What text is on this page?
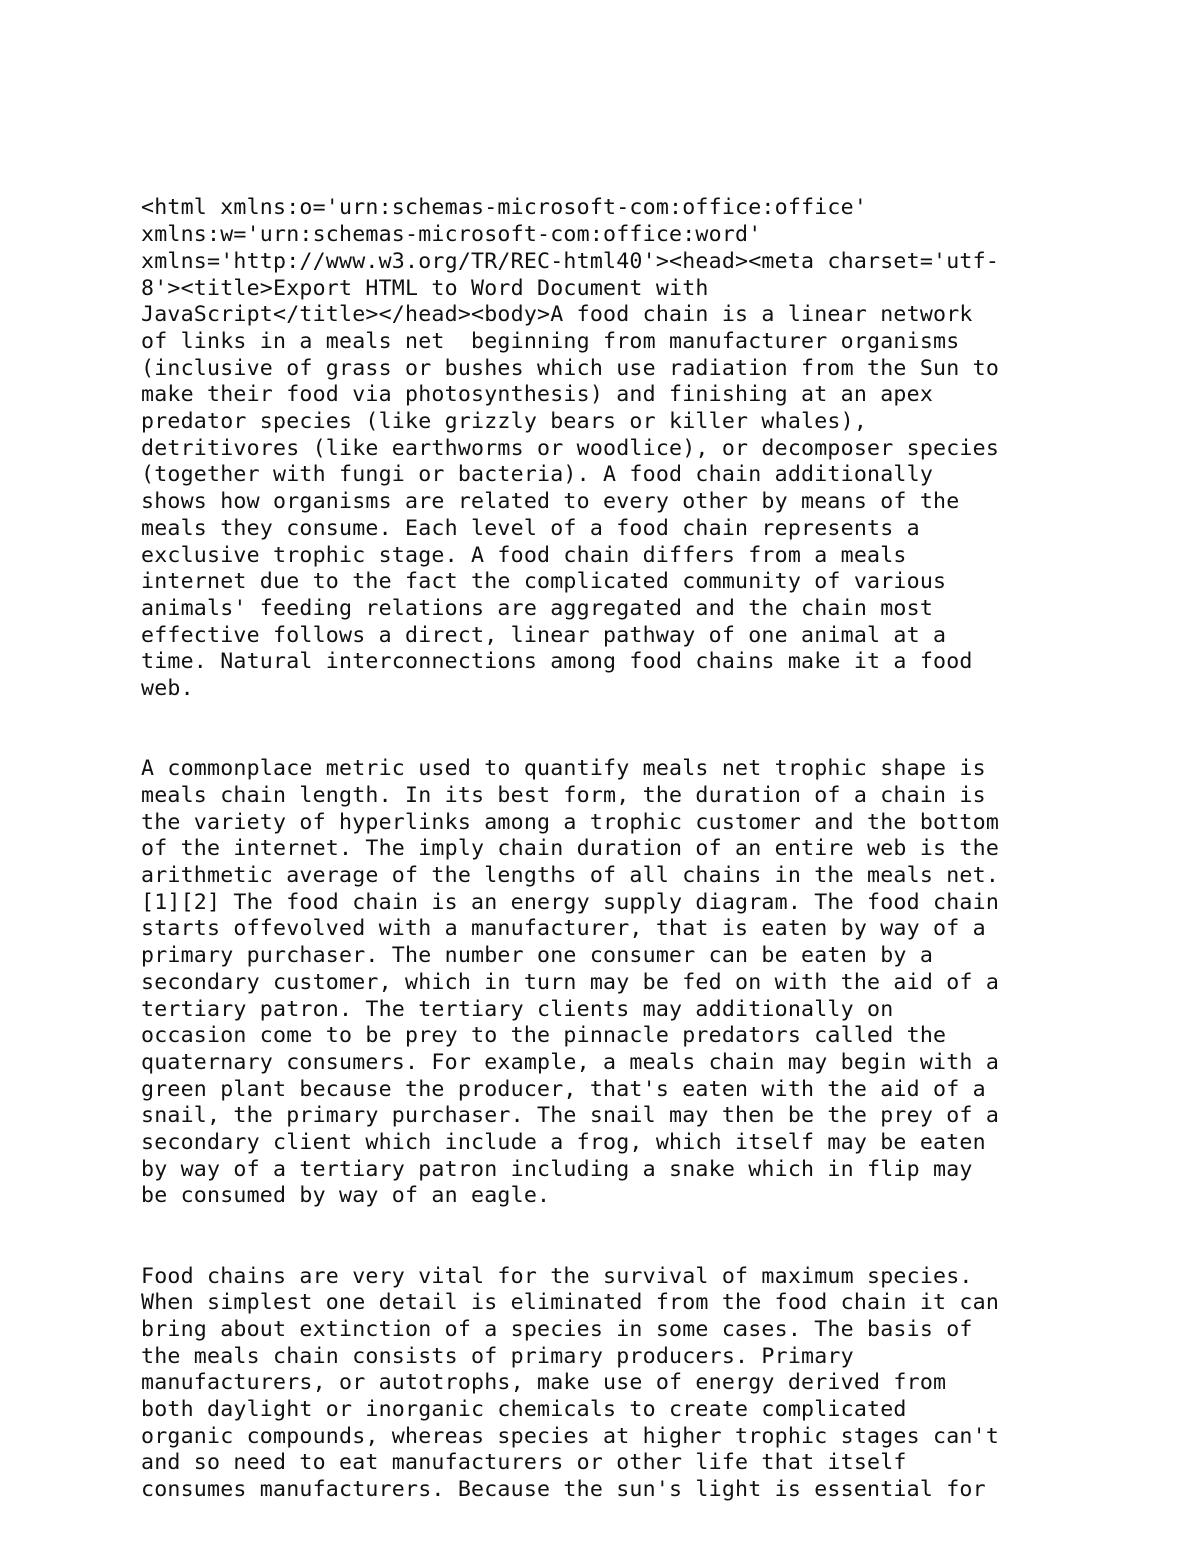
<html xmlns:o='urn:schemas-microsoft-com:office:office'
xmlns:w='urn:schemas-microsoft-com:office:word'
xmlns='http://www.w3.org/TR/REC-html40'><head><meta charset='utf-
8'><title>Export HTML to Word Document with
JavaScript</title></head><body>A food chain is a linear network
of links in a meals net  beginning from manufacturer organisms
(inclusive of grass or bushes which use radiation from the Sun to
make their food via photosynthesis) and finishing at an apex
predator species (like grizzly bears or killer whales),
detritivores (like earthworms or woodlice), or decomposer species
(together with fungi or bacteria). A food chain additionally
shows how organisms are related to every other by means of the
meals they consume. Each level of a food chain represents a
exclusive trophic stage. A food chain differs from a meals
internet due to the fact the complicated community of various
animals' feeding relations are aggregated and the chain most
effective follows a direct, linear pathway of one animal at a
time. Natural interconnections among food chains make it a food
web.

A commonplace metric used to quantify meals net trophic shape is
meals chain length. In its best form, the duration of a chain is
the variety of hyperlinks among a trophic customer and the bottom
of the internet. The imply chain duration of an entire web is the
arithmetic average of the lengths of all chains in the meals net.
[1][2] The food chain is an energy supply diagram. The food chain
starts offevolved with a manufacturer, that is eaten by way of a
primary purchaser. The number one consumer can be eaten by a
secondary customer, which in turn may be fed on with the aid of a
tertiary patron. The tertiary clients may additionally on
occasion come to be prey to the pinnacle predators called the
quaternary consumers. For example, a meals chain may begin with a
green plant because the producer, that's eaten with the aid of a
snail, the primary purchaser. The snail may then be the prey of a
secondary client which include a frog, which itself may be eaten
by way of a tertiary patron including a snake which in flip may
be consumed by way of an eagle.

Food chains are very vital for the survival of maximum species.
When simplest one detail is eliminated from the food chain it can
bring about extinction of a species in some cases. The basis of
the meals chain consists of primary producers. Primary
manufacturers, or autotrophs, make use of energy derived from
both daylight or inorganic chemicals to create complicated
organic compounds, whereas species at higher trophic stages can't
and so need to eat manufacturers or other life that itself
consumes manufacturers. Because the sun's light is essential for
